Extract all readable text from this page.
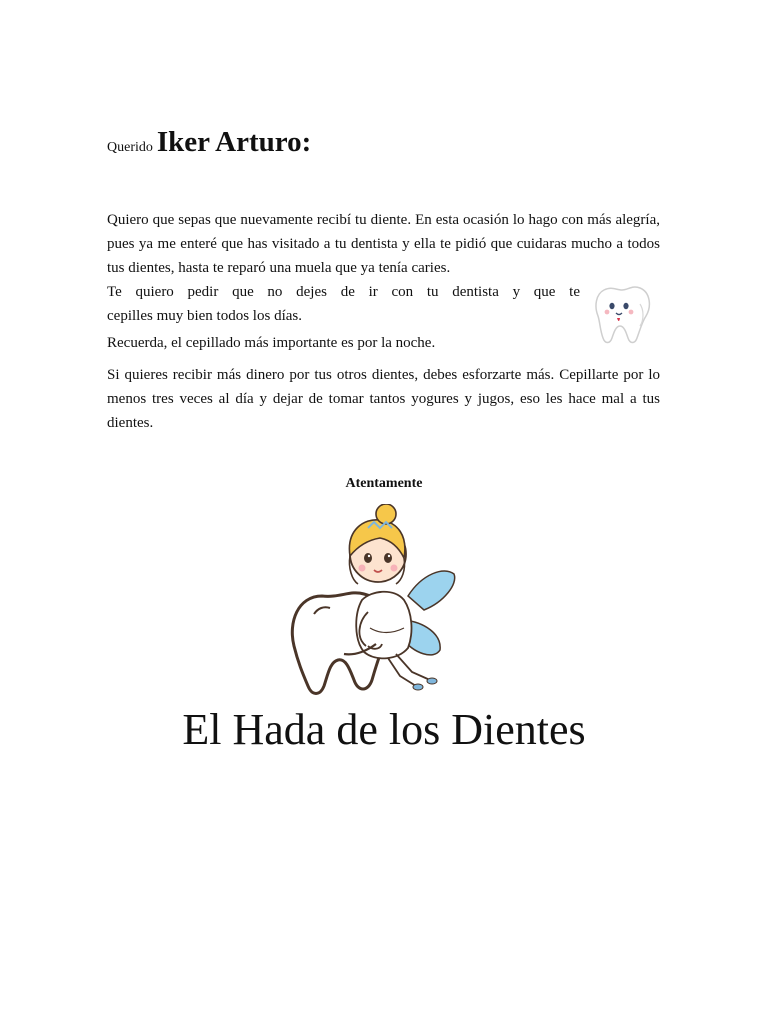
Querido Iker Arturo:
Quiero que sepas que nuevamente recibí tu diente. En esta ocasión lo hago con más alegría, pues ya me enteré que has visitado a tu dentista y ella te pidió que cuidaras mucho a todos tus dientes, hasta te reparó una muela que ya tenía caries.
Te quiero pedir que no dejes de ir con tu dentista y que te
cepilles muy bien todos los días.
Recuerda, el cepillado más importante es por la noche.
Si quieres recibir más dinero por tus otros dientes, debes esforzarte más. Cepillarte por lo menos tres veces al día y dejar de tomar tantos yogures y jugos, eso les hace mal a tus dientes.
Atentamente
El Hada de los Dientes
